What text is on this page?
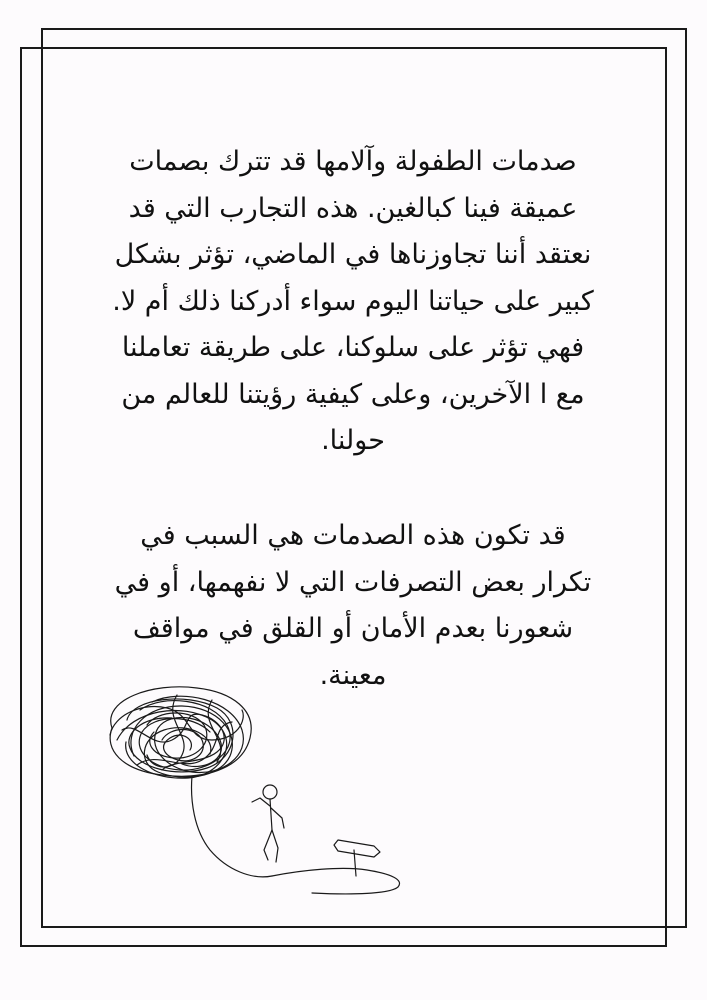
صدمات الطفولة وآلامها قد تترك بصمات
عميقة فينا كبالغين. هذه التجارب التي قد
نعتقد أننا تجاوزناها في الماضي، تؤثر بشكل
كبير على حياتنا اليوم سواء أدركنا ذلك أم لا.
فهي تؤثر على سلوكنا، على طريقة تعاملنا
مع ا الآخرين، وعلى كيفية رؤيتنا للعالم من
حولنا.
قد تكون هذه الصدمات هي السبب في
تكرار بعض التصرفات التي لا نفهمها، أو في
شعورنا بعدم الأمان أو القلق في مواقف
معينة.
